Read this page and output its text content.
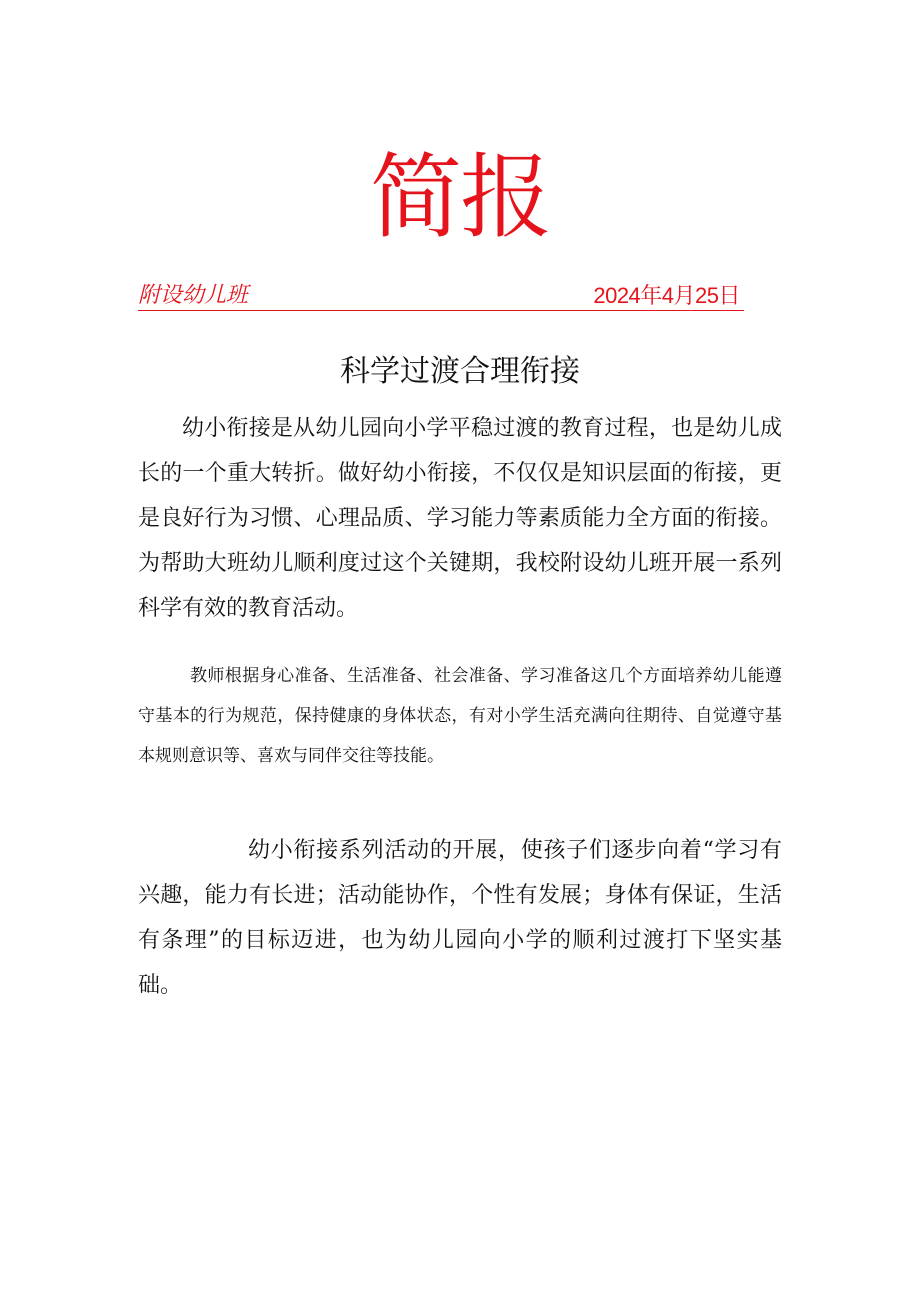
简报
附设幼儿班	2024年4月25日
科学过渡合理衔接

幼小衔接是从幼儿园向小学平稳过渡的教育过程，也是幼儿成长的一个重大转折。做好幼小衔接，不仅仅是知识层面的衔接，更是良好行为习惯、心理品质、学习能力等素质能力全方面的衔接。为帮助大班幼儿顺利度过这个关键期，我校附设幼儿班开展一系列科学有效的教育活动。

教师根据身心准备、生活准备、社会准备、学习准备这几个方面培养幼儿能遵守基本的行为规范，保持健康的身体状态，有对小学生活充满向往期待、自觉遵守基本规则意识等、喜欢与同伴交往等技能。

幼小衔接系列活动的开展，使孩子们逐步向着“学习有兴趣，能力有长进；活动能协作，个性有发展；身体有保证，生活有条理”的目标迈进，也为幼儿园向小学的顺利过渡打下坚实基础。
